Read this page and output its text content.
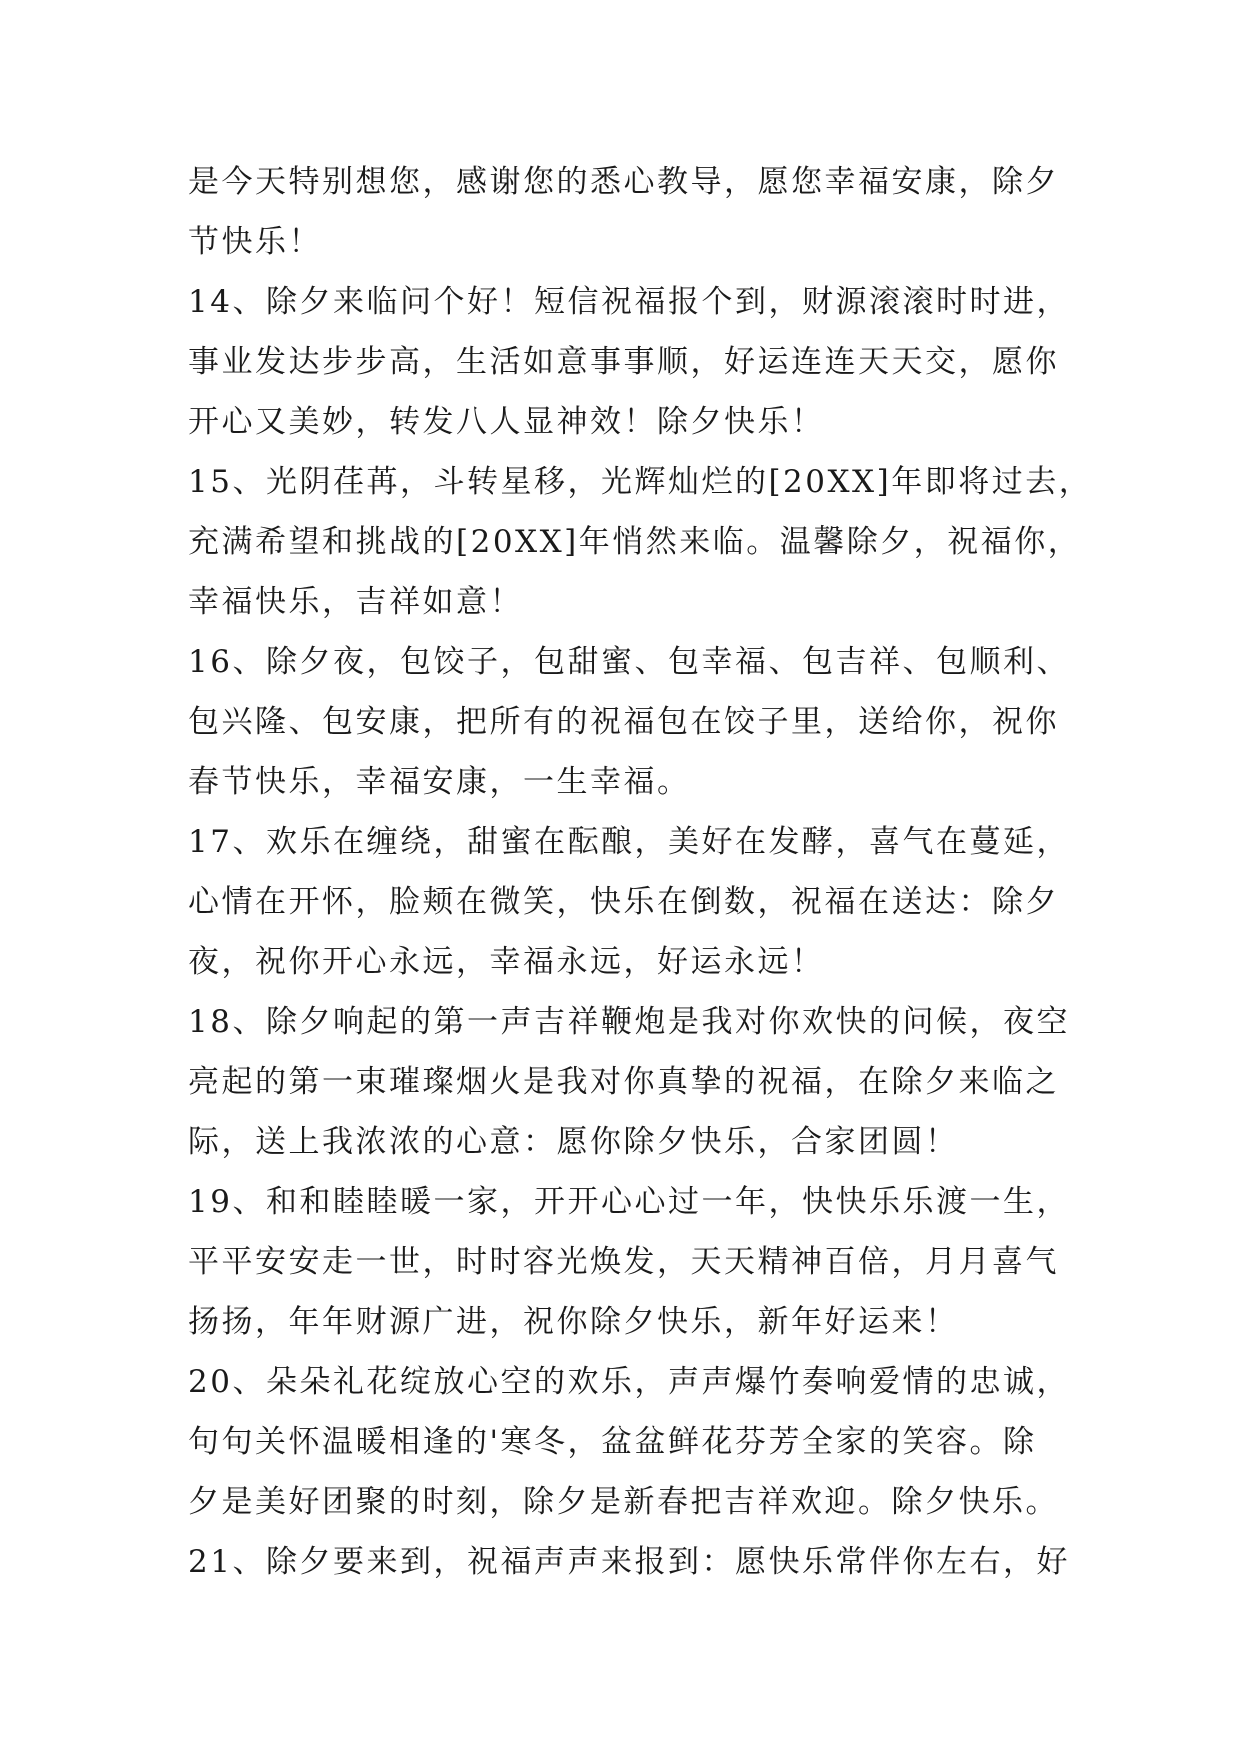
是今天特别想您，感谢您的悉心教导，愿您幸福安康，除夕
节快乐！
14、除夕来临问个好！短信祝福报个到，财源滚滚时时进，
事业发达步步高，生活如意事事顺，好运连连天天交，愿你
开心又美妙，转发八人显神效！除夕快乐！
15、光阴荏苒，斗转星移，光辉灿烂的[20XX]年即将过去，
充满希望和挑战的[20XX]年悄然来临。温馨除夕，祝福你，
幸福快乐，吉祥如意！
16、除夕夜，包饺子，包甜蜜、包幸福、包吉祥、包顺利、
包兴隆、包安康，把所有的祝福包在饺子里，送给你，祝你
春节快乐，幸福安康，一生幸福。
17、欢乐在缠绕，甜蜜在酝酿，美好在发酵，喜气在蔓延，
心情在开怀，脸颊在微笑，快乐在倒数，祝福在送达：除夕
夜，祝你开心永远，幸福永远，好运永远！
18、除夕响起的第一声吉祥鞭炮是我对你欢快的问候，夜空
亮起的第一束璀璨烟火是我对你真挚的祝福，在除夕来临之
际，送上我浓浓的心意：愿你除夕快乐，合家团圆！
19、和和睦睦暖一家，开开心心过一年，快快乐乐渡一生，
平平安安走一世，时时容光焕发，天天精神百倍，月月喜气
扬扬，年年财源广进，祝你除夕快乐，新年好运来！
20、朵朵礼花绽放心空的欢乐，声声爆竹奏响爱情的忠诚，
句句关怀温暖相逢的'寒冬，盆盆鲜花芬芳全家的笑容。除
夕是美好团聚的时刻，除夕是新春把吉祥欢迎。除夕快乐。
21、除夕要来到，祝福声声来报到：愿快乐常伴你左右，好
